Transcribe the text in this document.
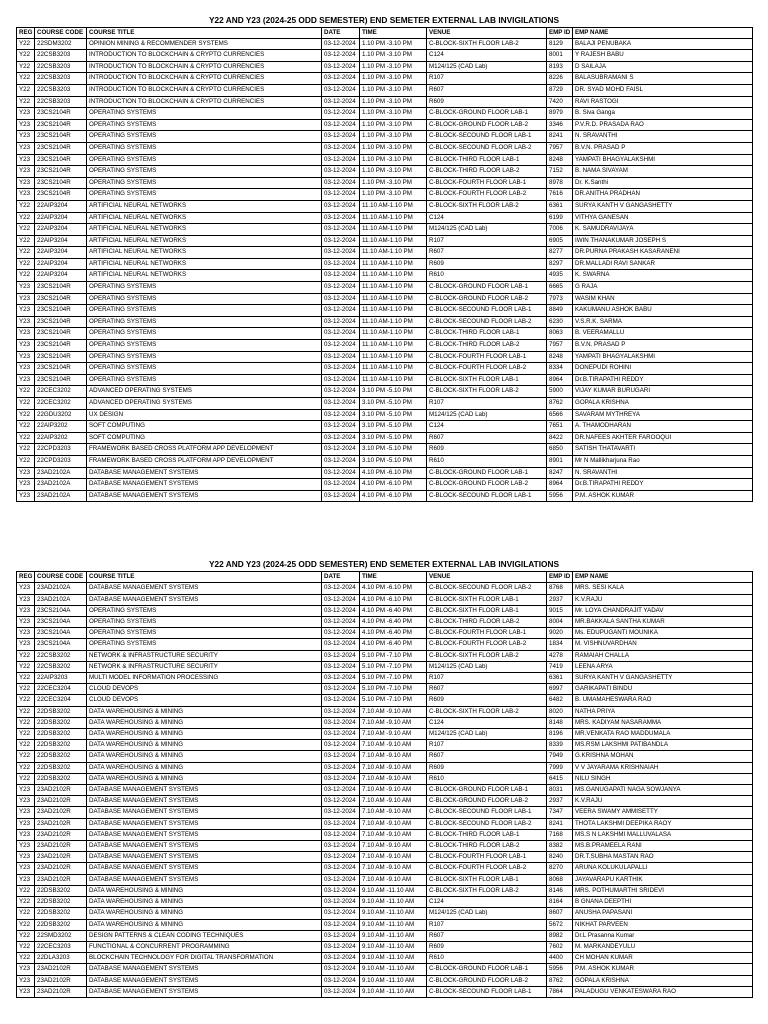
Y22 AND Y23 (2024-25 ODD SEMESTER) END SEMETER EXTERNAL LAB INVIGILATIONS
REG	COURSE CODE	COURSE TITLE	DATE	TIME	VENUE	EMP ID	EMP NAME
Y22	22SDM3202	OPINION MINING & RECOMMENDER SYSTEMS	03-12-2024	1.10 PM -3.10 PM	C-BLOCK-SIXTH FLOOR LAB-2	8129	BALAJI PENUBAKA
Y22	22CSB3203	INTRODUCTION TO BLOCKCHAIN & CRYPTO CURRENCIES	03-12-2024	1.10 PM -3.10 PM	C124	8001	Y RAJESH BABU
Y22	22CSB3203	INTRODUCTION TO BLOCKCHAIN & CRYPTO CURRENCIES	03-12-2024	1.10 PM -3.10 PM	M124/125 (CAD Lab)	8193	D SAILAJA
Y22	22CSB3203	INTRODUCTION TO BLOCKCHAIN & CRYPTO CURRENCIES	03-12-2024	1.10 PM -3.10 PM	R107	8226	BALASUBRAMANI S
Y22	22CSB3203	INTRODUCTION TO BLOCKCHAIN & CRYPTO CURRENCIES	03-12-2024	1.10 PM -3.10 PM	R607	8729	DR. SYAD MOHD FAISL
Y22	22CSB3203	INTRODUCTION TO BLOCKCHAIN & CRYPTO CURRENCIES	03-12-2024	1.10 PM -3.10 PM	R609	7420	RAVI RASTOGI
Y23	23CS2104R	OPERATING SYSTEMS	03-12-2024	1.10 PM -3.10 PM	C-BLOCK-GROUND FLOOR LAB-1	8979	B. Siva Ganga
Y23	23CS2104R	OPERATING SYSTEMS	03-12-2024	1.10 PM -3.10 PM	C-BLOCK-GROUND FLOOR LAB-2	3346	P.V.R.D. PRASADA RAO
Y23	23CS2104R	OPERATING SYSTEMS	03-12-2024	1.10 PM -3.10 PM	C-BLOCK-SECOUND FLOOR LAB-1	8241	N. SRAVANTHI
Y23	23CS2104R	OPERATING SYSTEMS	03-12-2024	1.10 PM -3.10 PM	C-BLOCK-SECOUND FLOOR LAB-2	7957	B.V.N. PRASAD P
Y23	23CS2104R	OPERATING SYSTEMS	03-12-2024	1.10 PM -3.10 PM	C-BLOCK-THIRD FLOOR LAB-1	8248	YAMPATI BHAGYALAKSHMI
Y23	23CS2104R	OPERATING SYSTEMS	03-12-2024	1.10 PM -3.10 PM	C-BLOCK-THIRD FLOOR LAB-2	7152	B. NAMA SIVAYAM
Y23	23CS2104R	OPERATING SYSTEMS	03-12-2024	1.10 PM -3.10 PM	C-BLOCK-FOURTH FLOOR LAB-1	8978	Dr. K.Santhi
Y23	23CS2104R	OPERATING SYSTEMS	03-12-2024	1.10 PM -3.10 PM	C-BLOCK-FOURTH FLOOR LAB-2	7616	DR.ANITHA PRADHAN
Y22	22AIP3204	ARTIFICIAL NEURAL NETWORKS	03-12-2024	11.10 AM-1.10 PM	C-BLOCK-SIXTH FLOOR LAB-2	6361	SURYA KANTH V GANGASHETTY
Y22	22AIP3204	ARTIFICIAL NEURAL NETWORKS	03-12-2024	11.10 AM-1.10 PM	C124	6199	VITHYA GANESAN
Y22	22AIP3204	ARTIFICIAL NEURAL NETWORKS	03-12-2024	11.10 AM-1.10 PM	M124/125 (CAD Lab)	7006	K. SAMUDRAVIJAYA
Y22	22AIP3204	ARTIFICIAL NEURAL NETWORKS	03-12-2024	11.10 AM-1.10 PM	R107	6905	IWIN THANAKUMAR JOSEPH S
Y22	22AIP3204	ARTIFICIAL NEURAL NETWORKS	03-12-2024	11.10 AM-1.10 PM	R607	8277	DR.PURNA PRAKASH KASARANENI
Y22	22AIP3204	ARTIFICIAL NEURAL NETWORKS	03-12-2024	11.10 AM-1.10 PM	R609	8297	DR.MALLADI RAVI SANKAR
Y22	22AIP3204	ARTIFICIAL NEURAL NETWORKS	03-12-2024	11.10 AM-1.10 PM	R610	4935	K. SWARNA
Y23	23CS2104R	OPERATING SYSTEMS	03-12-2024	11.10 AM-1.10 PM	C-BLOCK-GROUND FLOOR LAB-1	6665	G RAJA
Y23	23CS2104R	OPERATING SYSTEMS	03-12-2024	11.10 AM-1.10 PM	C-BLOCK-GROUND FLOOR LAB-2	7973	WASIM KHAN
Y23	23CS2104R	OPERATING SYSTEMS	03-12-2024	11.10 AM-1.10 PM	C-BLOCK-SECOUND FLOOR LAB-1	8849	KAKUMANU ASHOK BABU
Y23	23CS2104R	OPERATING SYSTEMS	03-12-2024	11.10 AM-1.10 PM	C-BLOCK-SECOUND FLOOR LAB-2	6230	V.S.R.K. SARMA
Y23	23CS2104R	OPERATING SYSTEMS	03-12-2024	11.10 AM-1.10 PM	C-BLOCK-THIRD FLOOR LAB-1	8063	B. VEERAMALLU
Y23	23CS2104R	OPERATING SYSTEMS	03-12-2024	11.10 AM-1.10 PM	C-BLOCK-THIRD FLOOR LAB-2	7957	B.V.N. PRASAD P
Y23	23CS2104R	OPERATING SYSTEMS	03-12-2024	11.10 AM-1.10 PM	C-BLOCK-FOURTH FLOOR LAB-1	8248	YAMPATI BHAGYALAKSHMI
Y23	23CS2104R	OPERATING SYSTEMS	03-12-2024	11.10 AM-1.10 PM	C-BLOCK-FOURTH FLOOR LAB-2	8334	DONEPUDI ROHINI
Y23	23CS2104R	OPERATING SYSTEMS	03-12-2024	11.10 AM-1.10 PM	C-BLOCK-SIXTH FLOOR LAB-1	8964	Dr.B.TIRAPATHI REDDY
Y22	22CEC3202	ADVANCED OPERATING SYSTEMS	03-12-2024	3.10 PM -5.10 PM	C-BLOCK-SIXTH FLOOR LAB-2	5900	VIJAY KUMAR BURUGARI
Y22	22CEC3202	ADVANCED OPERATING SYSTEMS	03-12-2024	3.10 PM -5.10 PM	R107	8762	GOPALA KRISHNA
Y22	22GDU3202	UX DESIGN	03-12-2024	3.10 PM -5.10 PM	M124/125 (CAD Lab)	6566	SAVARAM MYTHREYA
Y22	22AIP3202	SOFT COMPUTING	03-12-2024	3.10 PM -5.10 PM	C124	7651	A. THAMODHARAN
Y22	22AIP3202	SOFT COMPUTING	03-12-2024	3.10 PM -5.10 PM	R607	8422	DR.NAFEES AKHTER FAROOQUI
Y22	22CPD3203	FRAMEWORK BASED CROSS PLATFORM APP DEVELOPMENT	03-12-2024	3.10 PM -5.10 PM	R609	6850	SATISH THATAVARTI
Y22	22CPD3203	FRAMEWORK BASED CROSS PLATFORM APP DEVELOPMENT	03-12-2024	3.10 PM -5.10 PM	R610	8901	Mr N Mallikharjuna Rao
Y23	23AD2102A	DATABASE MANAGEMENT SYSTEMS	03-12-2024	4.10 PM -6.10 PM	C-BLOCK-GROUND FLOOR LAB-1	8247	N. SRAVANTHI
Y23	23AD2102A	DATABASE MANAGEMENT SYSTEMS	03-12-2024	4.10 PM -6.10 PM	C-BLOCK-GROUND FLOOR LAB-2	8964	Dr.B.TIRAPATHI REDDY
Y23	23AD2102A	DATABASE MANAGEMENT SYSTEMS	03-12-2024	4.10 PM -6.10 PM	C-BLOCK-SECOUND FLOOR LAB-1	5956	P.M. ASHOK KUMAR
Y22 AND Y23 (2024-25 ODD SEMESTER) END SEMETER EXTERNAL LAB INVIGILATIONS
REG	COURSE CODE	COURSE TITLE	DATE	TIME	VENUE	EMP ID	EMP NAME
Y23	23AD2102A	DATABASE MANAGEMENT SYSTEMS	03-12-2024	4.10 PM -6.10 PM	C-BLOCK-SECOUND FLOOR LAB-2	8768	MRS. SESI KALA
Y23	23AD2102A	DATABASE MANAGEMENT SYSTEMS	03-12-2024	4.10 PM -6.10 PM	C-BLOCK-SIXTH FLOOR LAB-1	2937	K.V.RAJU
Y23	23CS2104A	OPERATING SYSTEMS	03-12-2024	4.10 PM -6.40 PM	C-BLOCK-SIXTH FLOOR LAB-1	9015	Mr. LOYA CHANDRAJIT YADAV
Y23	23CS2104A	OPERATING SYSTEMS	03-12-2024	4.10 PM -6.40 PM	C-BLOCK-THIRD FLOOR LAB-2	8004	MR.BAKKALA SANTHA KUMAR
Y23	23CS2104A	OPERATING SYSTEMS	03-12-2024	4.10 PM -6.40 PM	C-BLOCK-FOURTH FLOOR LAB-1	9020	Ms. EDUPUGANTI MOUNIKA
Y23	23CS2104A	OPERATING SYSTEMS	03-12-2024	4.10 PM -6.40 PM	C-BLOCK-FOURTH FLOOR LAB-2	1834	M. VISHNUVARDHAN
Y22	22CSB3202	NETWORK & INFRASTRUCTURE SECURITY	03-12-2024	5.10 PM -7.10 PM	C-BLOCK-SIXTH FLOOR LAB-2	4278	RAMAIAH CHALLA
Y22	22CSB3202	NETWORK & INFRASTRUCTURE SECURITY	03-12-2024	5.10 PM -7.10 PM	M124/125 (CAD Lab)	7419	LEENA ARYA
Y22	22AIP3203	MULTI MODEL INFORMATION PROCESSING	03-12-2024	5.10 PM -7.10 PM	R107	6361	SURYA KANTH V GANGASHETTY
Y22	22CEC3204	CLOUD DEVOPS	03-12-2024	5.10 PM -7.10 PM	R607	6997	GARIKAPATI BINDU
Y22	22CEC3204	CLOUD DEVOPS	03-12-2024	5.10 PM -7.10 PM	R609	6482	B. UMAMAHESWARA RAO
Y22	22DSB3202	DATA WAREHOUSING & MINING	03-12-2024	7.10 AM -9.10 AM	C-BLOCK-SIXTH FLOOR LAB-2	8020	NATHA PRIYA
Y22	22DSB3202	DATA WAREHOUSING & MINING	03-12-2024	7.10 AM -9.10 AM	C124	8148	MRS. KADIYAM NASARAMMA
Y22	22DSB3202	DATA WAREHOUSING & MINING	03-12-2024	7.10 AM -9.10 AM	M124/125 (CAD Lab)	8196	MR.VENKATA RAO MADDUMALA
Y22	22DSB3202	DATA WAREHOUSING & MINING	03-12-2024	7.10 AM -9.10 AM	R107	8339	MS.RSM LAKSHMI PATIBANDLA
Y22	22DSB3202	DATA WAREHOUSING & MINING	03-12-2024	7.10 AM -9.10 AM	R607	7949	G.KRISHNA MOHAN
Y22	22DSB3202	DATA WAREHOUSING & MINING	03-12-2024	7.10 AM -9.10 AM	R609	7999	V V JAYARAMA KRISHNAIAH
Y22	22DSB3202	DATA WAREHOUSING & MINING	03-12-2024	7.10 AM -9.10 AM	R610	6415	NILU SINGH
Y23	23AD2102R	DATABASE MANAGEMENT SYSTEMS	03-12-2024	7.10 AM -9.10 AM	C-BLOCK-GROUND FLOOR LAB-1	8031	MS.GANUGAPATI NAGA SOWJANYA
Y23	23AD2102R	DATABASE MANAGEMENT SYSTEMS	03-12-2024	7.10 AM -9.10 AM	C-BLOCK-GROUND FLOOR LAB-2	2937	K.V.RAJU
Y23	23AD2102R	DATABASE MANAGEMENT SYSTEMS	03-12-2024	7.10 AM -9.10 AM	C-BLOCK-SECOUND FLOOR LAB-1	7347	VEERA SWAMY AMMISETTY
Y23	23AD2102R	DATABASE MANAGEMENT SYSTEMS	03-12-2024	7.10 AM -9.10 AM	C-BLOCK-SECOUND FLOOR LAB-2	8241	THOTA LAKSHMI DEEPIKA RAOY
Y23	23AD2102R	DATABASE MANAGEMENT SYSTEMS	03-12-2024	7.10 AM -9.10 AM	C-BLOCK-THIRD FLOOR LAB-1	7168	MS.S N LAKSHMI MALLUVALASA
Y23	23AD2102R	DATABASE MANAGEMENT SYSTEMS	03-12-2024	7.10 AM -9.10 AM	C-BLOCK-THIRD FLOOR LAB-2	8382	MS.B.PRAMEELA RANI
Y23	23AD2102R	DATABASE MANAGEMENT SYSTEMS	03-12-2024	7.10 AM -9.10 AM	C-BLOCK-FOURTH FLOOR LAB-1	8240	DR.T.SUBHA MASTAN RAO
Y23	23AD2102R	DATABASE MANAGEMENT SYSTEMS	03-12-2024	7.10 AM -9.10 AM	C-BLOCK-FOURTH FLOOR LAB-2	8270	ARUNA KOLUKULAPALLI
Y23	23AD2102R	DATABASE MANAGEMENT SYSTEMS	03-12-2024	7.10 AM -9.10 AM	C-BLOCK-SIXTH FLOOR LAB-1	8068	JAYAVARAPU KARTHIK
Y22	22DSB3202	DATA WAREHOUSING & MINING	03-12-2024	9.10 AM -11.10 AM	C-BLOCK-SIXTH FLOOR LAB-2	8146	MRS. POTHUMARTHI SRIDEVI
Y22	22DSB3202	DATA WAREHOUSING & MINING	03-12-2024	9.10 AM -11.10 AM	C124	8164	B GNANA DEEPTHI
Y22	22DSB3202	DATA WAREHOUSING & MINING	03-12-2024	9.10 AM -11.10 AM	M124/125 (CAD Lab)	8607	ANUSHA PAPASANI
Y22	22DSB3202	DATA WAREHOUSING & MINING	03-12-2024	9.10 AM -11.10 AM	R107	5672	NIKHAT PARVEEN
Y22	22SMD3202	DESIGN PATTERNS & CLEAN CODING TECHNIQUES	03-12-2024	9.10 AM -11.10 AM	R607	8982	Dr.L Prasanna Kumar
Y22	22CEC3203	FUNCTIONAL & CONCURRENT PROGRAMMING	03-12-2024	9.10 AM -11.10 AM	R609	7602	M. MARKANDEYULU
Y22	22DLA3203	BLOCKCHAIN TECHNOLOGY FOR DIGITAL TRANSFORMATION	03-12-2024	9.10 AM -11.10 AM	R610	4400	CH MOHAN KUMAR
Y23	23AD2102R	DATABASE MANAGEMENT SYSTEMS	03-12-2024	9.10 AM -11.10 AM	C-BLOCK-GROUND FLOOR LAB-1	5956	P.M. ASHOK KUMAR
Y23	23AD2102R	DATABASE MANAGEMENT SYSTEMS	03-12-2024	9.10 AM -11.10 AM	C-BLOCK-GROUND FLOOR LAB-2	8762	GOPALA KRISHNA
Y23	23AD2102R	DATABASE MANAGEMENT SYSTEMS	03-12-2024	9.10 AM -11.10 AM	C-BLOCK-SECOUND FLOOR LAB-1	7864	PALADUGU VENKATESWARA RAO
